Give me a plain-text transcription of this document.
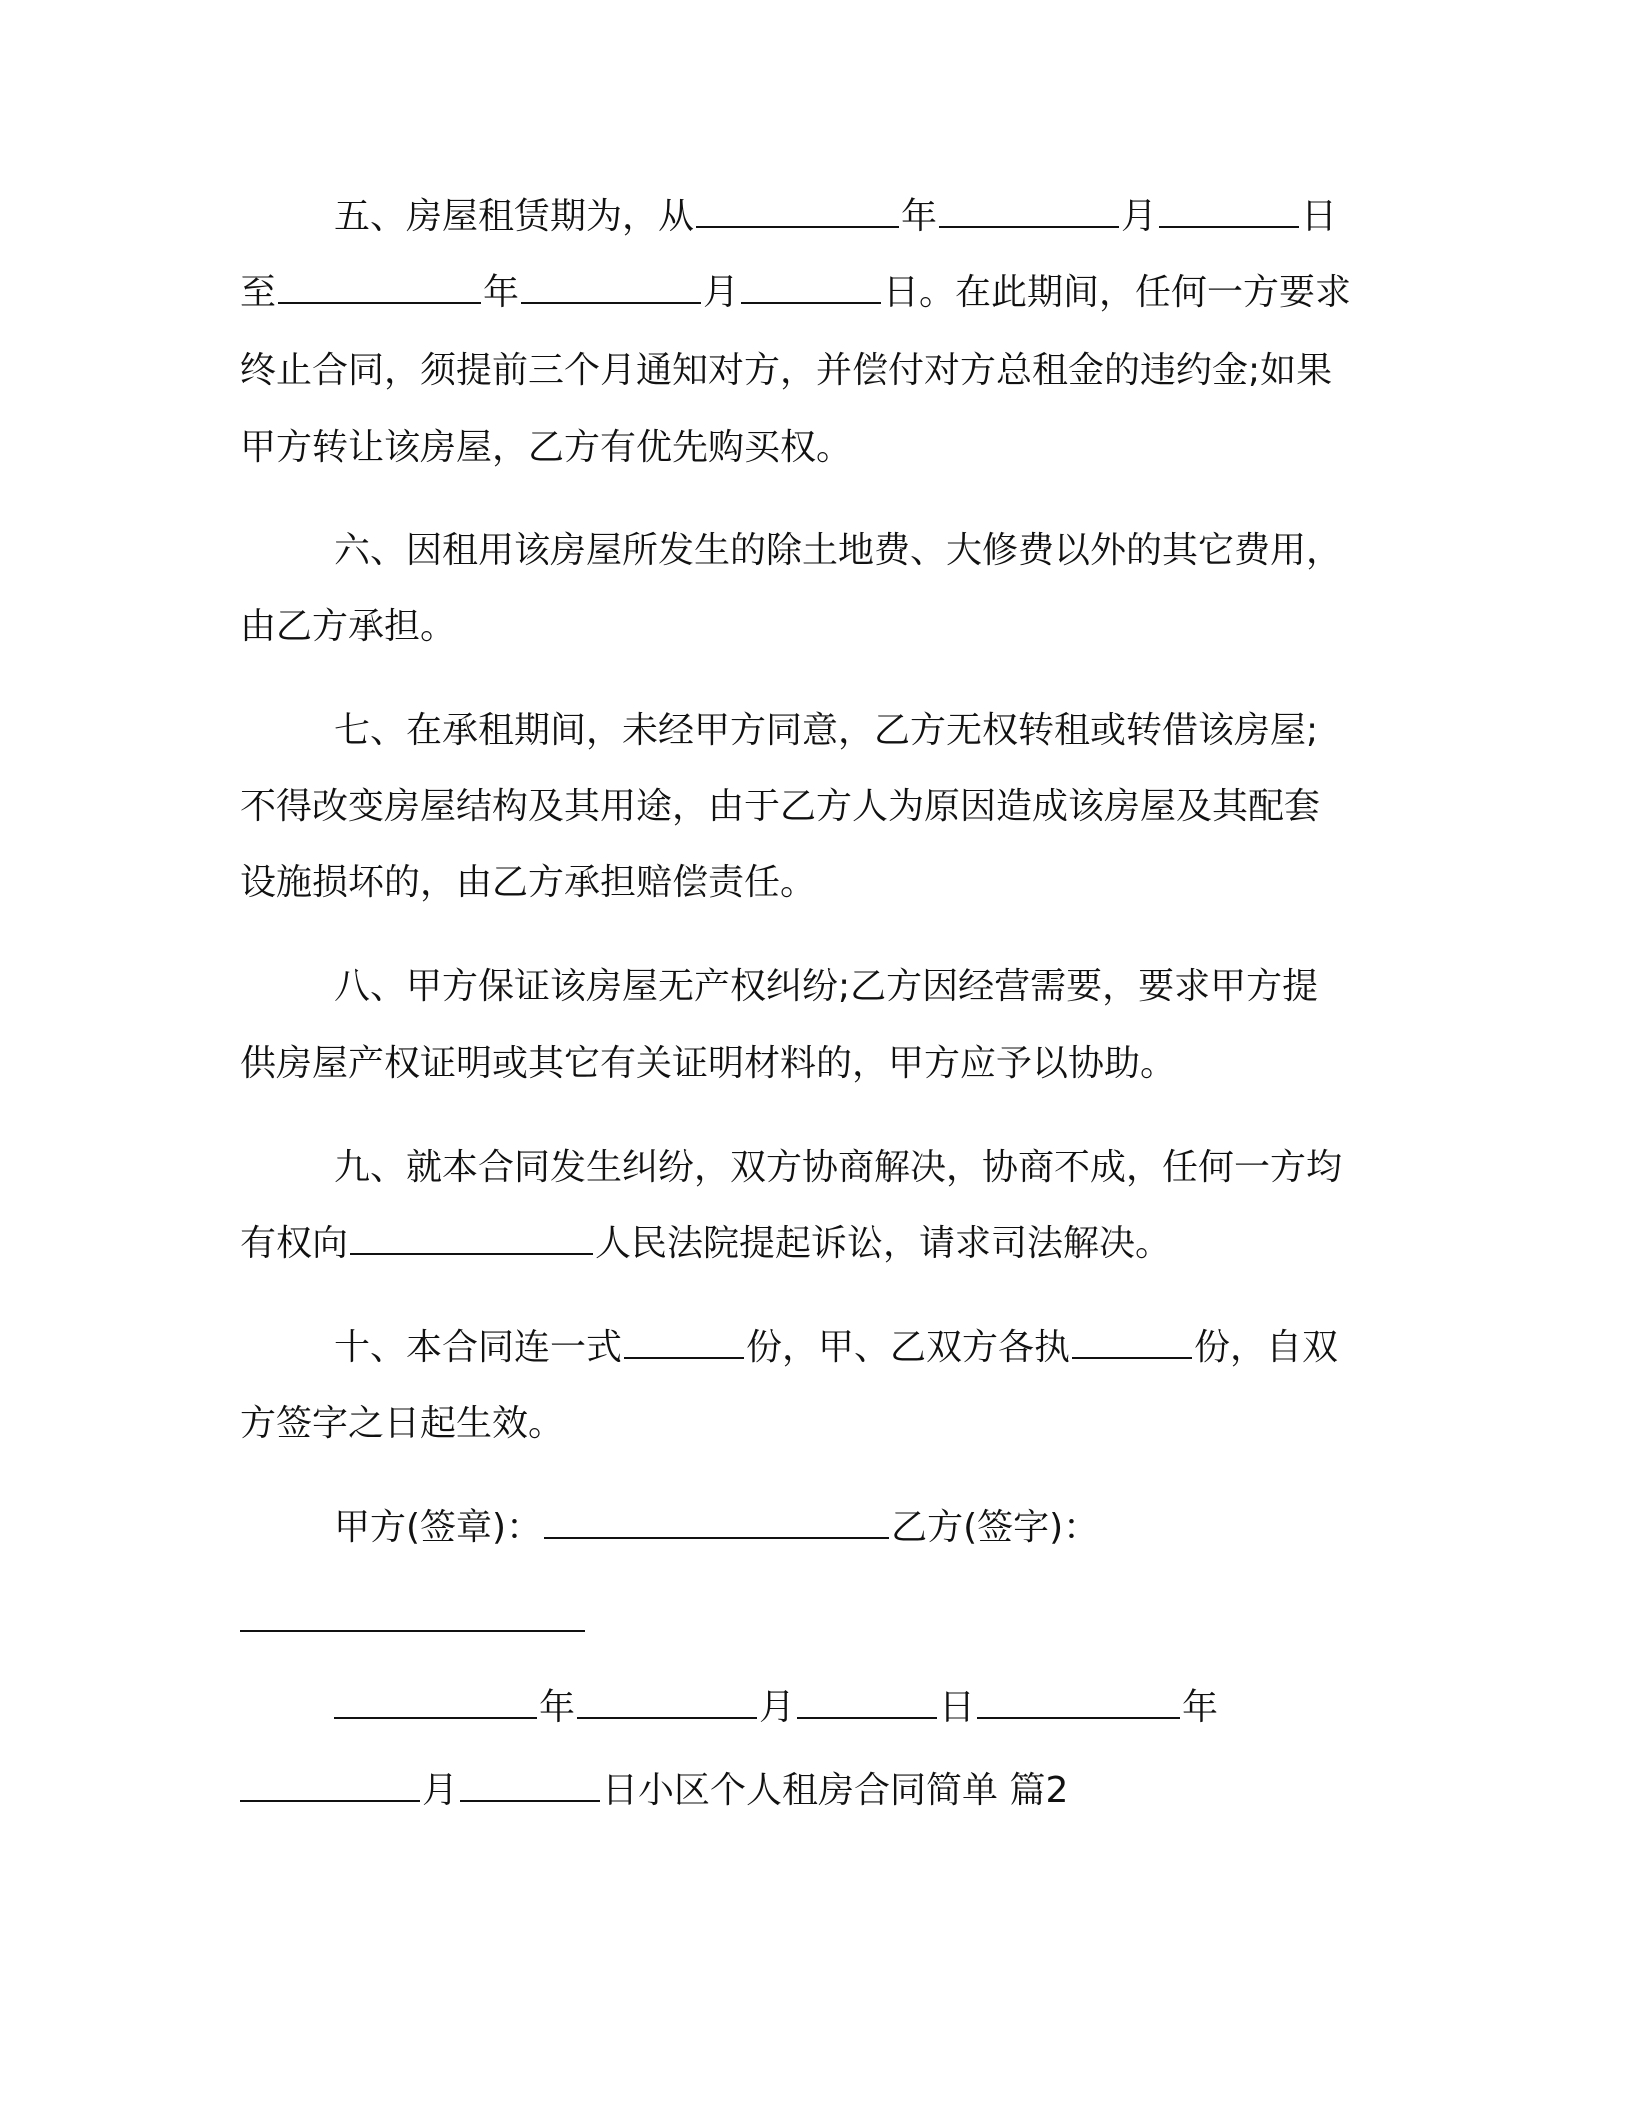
五、房屋租赁期为，从	年	月	日
至	年	月	日。在此期间，任何一方要求
终止合同，须提前三个月通知对方，并偿付对方总租金的违约金;如果
甲方转让该房屋，乙方有优先购买权。
六、因租用该房屋所发生的除土地费、大修费以外的其它费用，
由乙方承担。
七、在承租期间，未经甲方同意，乙方无权转租或转借该房屋;
不得改变房屋结构及其用途，由于乙方人为原因造成该房屋及其配套
设施损坏的，由乙方承担赔偿责任。
八、甲方保证该房屋无产权纠纷;乙方因经营需要，要求甲方提
供房屋产权证明或其它有关证明材料的，甲方应予以协助。
九、就本合同发生纠纷，双方协商解决，协商不成，任何一方均
有权向	人民法院提起诉讼，请求司法解决。
十、本合同连一式	份，甲、乙双方各执	份，自双
方签字之日起生效。
甲方(签章)：	乙方(签字)：
年	月	日	年
月	日小区个人租房合同简单 篇2
